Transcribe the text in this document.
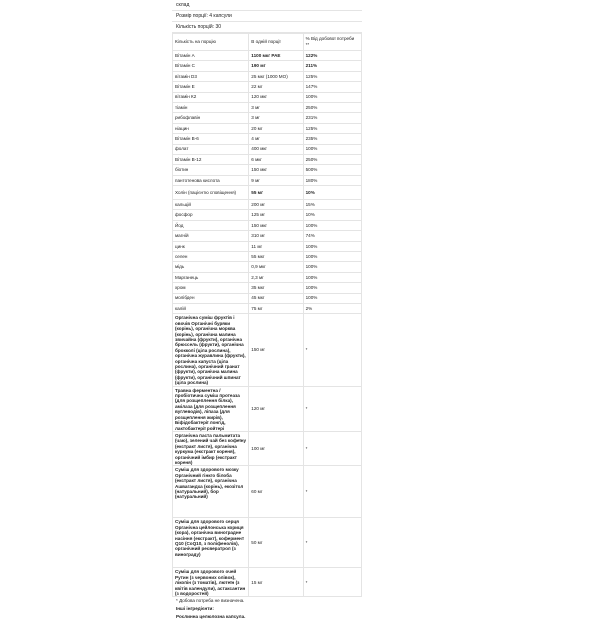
склад
Розмір порції: 4 капсули
Кількість порцій: 30
Кількість на порцію	В одній порції	% Від добової потреби **
Вітамін А	1100 мкг РАЕ	122%
Вітамін С	190 мг	211%
вітамін D3	25 мкг (1000 МО)	125%
Вітамін Е	22 мг	147%
вітамін К2	120 мкг	100%
тіамін	3 мг	250%
рибофлавін	3 мг	231%
ніацин	20 мг	125%
Вітамін В-6	4 мг	235%
фолат	400 мкг	100%
Вітамін В-12	6 мкг	250%
біотин	150 мкг	500%
пантотенова кислота	9 мг	180%
Холін (пацієнтю сповіщення)	55 мг	10%
кальцій	200 мг	15%
фосфор	125 мг	10%
Йод	150 мкг	100%
магній	310 мг	74%
цинк	11 мг	100%
селен	55 мкг	100%
мідь	0,9 мкг	100%
Марганець	2,3 мг	100%
хром	35 мкг	100%
молібден	45 мкг	100%
калій	75 мг	2%
Органічна суміш фруктів і овочів Органічні буряки (корінь), органічна морква (корінь), органічна малина звичайна (фрукти), органічна брюссель (фрукти), органічна брокколі (ціла рослина), органічна журавлина (фрукти), органічна капуста (ціла рослина), органічний гранат (фрукти), органічна малина (фрукти), органічний шпинат (ціла рослина)	150 мг	*
Травна ферментна / пробіотична суміш протеаза (для розщеплення білка), амілаза (для розщеплення вуглеводів), ліпаза (для розщеплення жирів), Біфідобактерії лонгід, лактобактерії ройтері	120 мг	*
Органічна паста пальмитата (чаю), зелений чай без кофеїну (екстракт листя), органічна куркума (екстракт кореня), органічний імбир (екстракт кореня)	100 мг	*
Суміш для здорового мозку Органічний гінкго білоба (екстракт листя), органічна Ашвагандха (корінь), екозітол (натуральний), бор (натуральний)	60 мг	*
Суміш для здорового серця Органічна цейлонська кориця (кора), органічна виноградне насіння (екстракт), кофермент Q10 (CoQ10, з поліфенолів), органічний ресвератрол (з винограду)	50 мг	*
Суміш для здорового очей Рутин (з червоних олівок), лікопін (з томатів), лютеїн (з квітів календули), астаксантин (з водоростей)	15 мг	*
* Добова потреба не визначена.
Інші інгредієнти:
Рослинна целюлозна капсула.
